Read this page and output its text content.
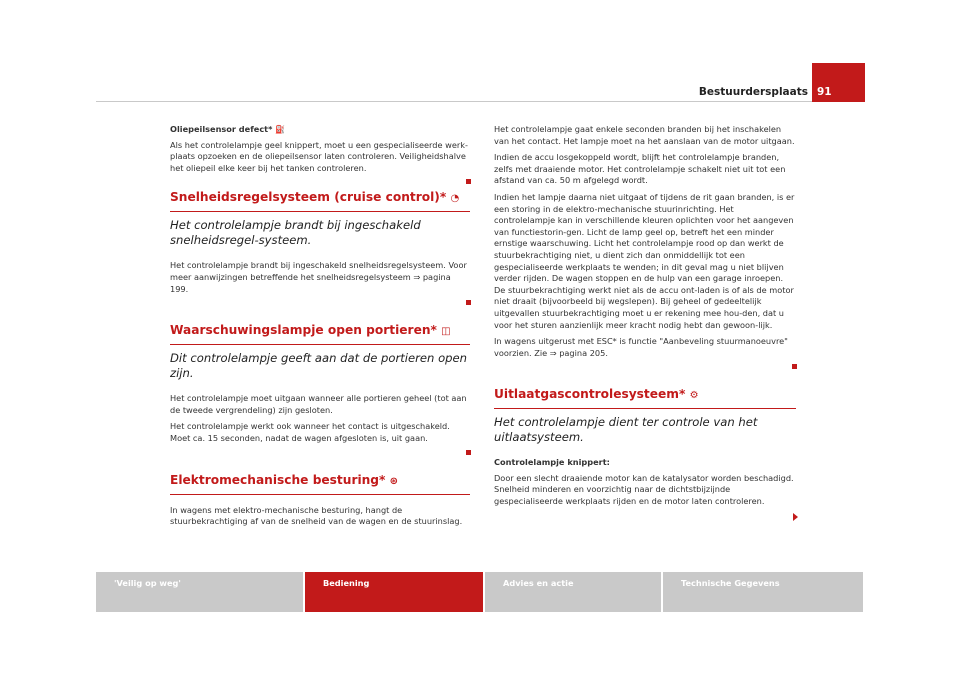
Bestuurdersplaats 91
Oliepeilsensor defect* ⛽

Als het controlelampje geel knippert, moet u een gespecialiseerde werk-plaats opzoeken en de oliepeilsensor laten controleren. Veiligheidshalve het oliepeil elke keer bij het tanken controleren.

Snelheidsregelsysteem (cruise control)* ◔
Het controlelampje brandt bij ingeschakeld snelheidsregel-systeem.

Het controlelampje brandt bij ingeschakeld snelheidsregelsysteem. Voor meer aanwijzingen betreffende het snelheidsregelsysteem ⇒ pagina 199.

Waarschuwingslampje open portieren* ◫
Dit controlelampje geeft aan dat de portieren open zijn.

Het controlelampje moet uitgaan wanneer alle portieren geheel (tot aan de tweede vergrendeling) zijn gesloten.

Het controlelampje werkt ook wanneer het contact is uitgeschakeld. Moet ca. 15 seconden, nadat de wagen afgesloten is, uit gaan.

Elektromechanische besturing* ⊛

In wagens met elektro-mechanische besturing, hangt de stuurbekrachtiging af van de snelheid van de wagen en de stuurinslag.

Het controlelampje gaat enkele seconden branden bij het inschakelen van het contact. Het lampje moet na het aanslaan van de motor uitgaan.

Indien de accu losgekoppeld wordt, blijft het controlelampje branden, zelfs met draaiende motor. Het controlelampje schakelt niet uit tot een afstand van ca. 50 m afgelegd wordt.

Indien het lampje daarna niet uitgaat of tijdens de rit gaan branden, is er een storing in de elektro-mechanische stuurinrichting. Het controlelampje kan in verschillende kleuren oplichten voor het aangeven van functiestorin-gen. Licht de lamp geel op, betreft het een minder ernstige waarschuwing. Licht het controlelampje rood op dan werkt de stuurbekrachtiging niet, u dient zich dan onmiddellijk tot een gespecialiseerde werkplaats te wenden; in dit geval mag u niet blijven verder rijden. De wagen stoppen en de hulp van een garage inroepen. De stuurbekrachtiging werkt niet als de accu ont-laden is of als de motor niet draait (bijvoorbeeld bij wegslepen). Bij geheel of gedeeltelijk uitgevallen stuurbekrachtiging moet u er rekening mee hou-den, dat u voor het sturen aanzienlijk meer kracht nodig hebt dan gewoon-lijk.

In wagens uitgerust met ESC* is functie "Aanbeveling stuurmanoeuvre" voorzien. Zie ⇒ pagina 205.

Uitlaatgascontrolesysteem* ⚙
Het controlelampje dient ter controle van het uitlaatsysteem.
Controlelampje knippert:

Door een slecht draaiende motor kan de katalysator worden beschadigd. Snelheid minderen en voorzichtig naar de dichtstbijzijnde gespecialiseerde werkplaats rijden en de motor laten controleren.

'Veilig op weg'	Bediening	Advies en actie	Technische Gegevens
